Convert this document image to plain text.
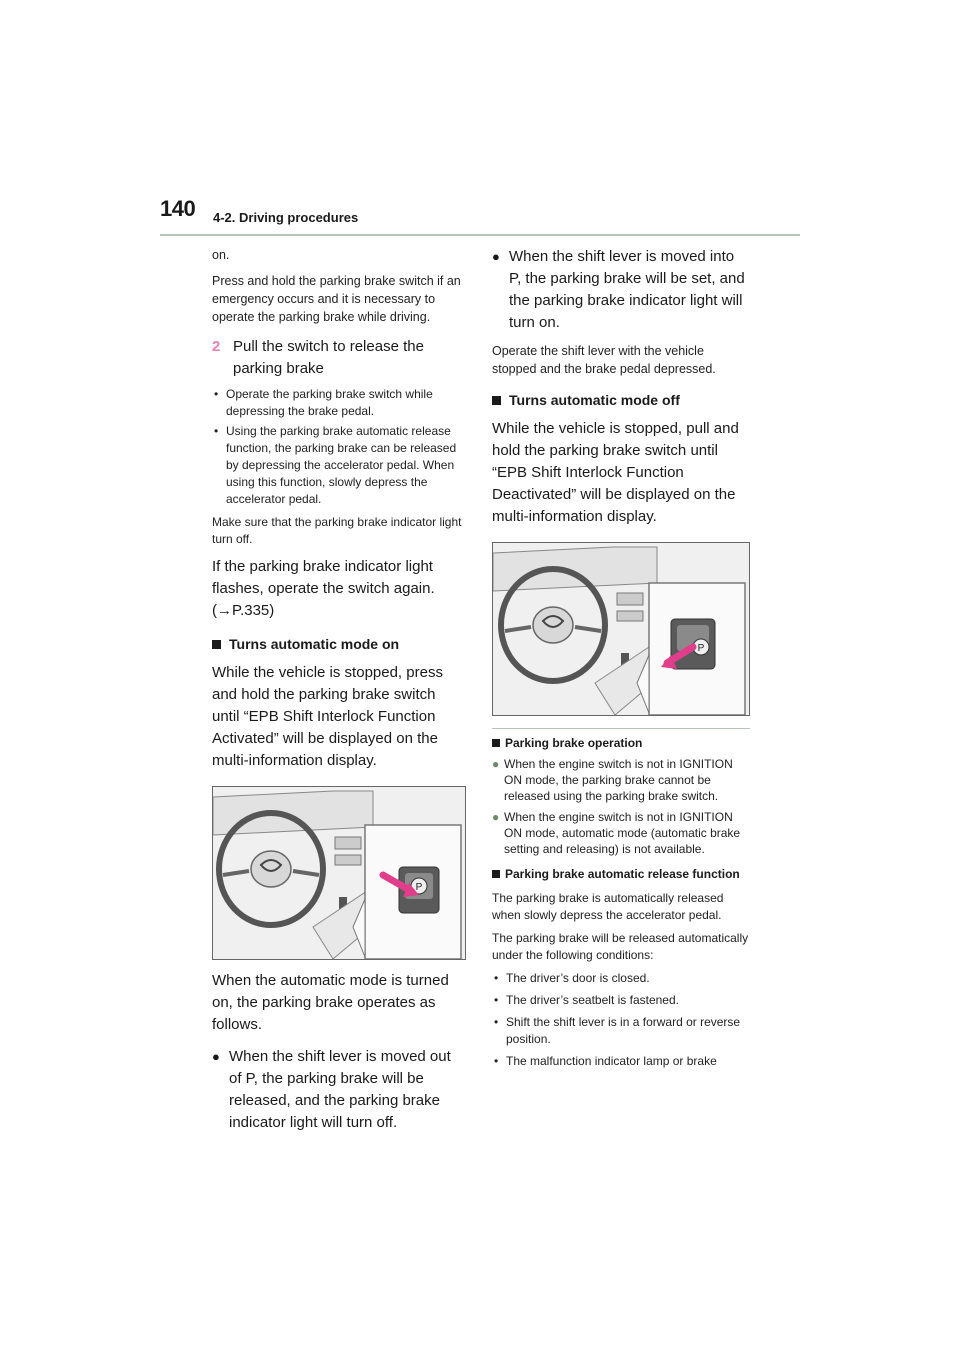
140 4-2. Driving procedures

on.

Press and hold the parking brake switch if an emergency occurs and it is necessary to operate the parking brake while driving.

2 Pull the switch to release the parking brake
• Operate the parking brake switch while depressing the brake pedal.
• Using the parking brake automatic release function, the parking brake can be released by depressing the accelerator pedal. When using this function, slowly depress the accelerator pedal.

Make sure that the parking brake indicator light turn off.

If the parking brake indicator light flashes, operate the switch again. (→P.335)

Turns automatic mode on

While the vehicle is stopped, press and hold the parking brake switch until “EPB Shift Interlock Function Activated” will be displayed on the multi-information display.

P

When the automatic mode is turned on, the parking brake operates as follows.

● When the shift lever is moved out of P, the parking brake will be released, and the parking brake indicator light will turn off.
● When the shift lever is moved into P, the parking brake will be set, and the parking brake indicator light will turn on.

Operate the shift lever with the vehicle stopped and the brake pedal depressed.

Turns automatic mode off

While the vehicle is stopped, pull and hold the parking brake switch until “EPB Shift Interlock Function Deactivated” will be displayed on the multi-information display.

P
Parking brake operation
● When the engine switch is not in IGNITION ON mode, the parking brake cannot be released using the parking brake switch.
● When the engine switch is not in IGNITION ON mode, automatic mode (automatic brake setting and releasing) is not available.
Parking brake automatic release function

The parking brake is automatically released when slowly depress the accelerator pedal.

The parking brake will be released automatically under the following conditions:

• The driver’s door is closed.
• The driver’s seatbelt is fastened.
• Shift the shift lever is in a forward or reverse position.
• The malfunction indicator lamp or brake
